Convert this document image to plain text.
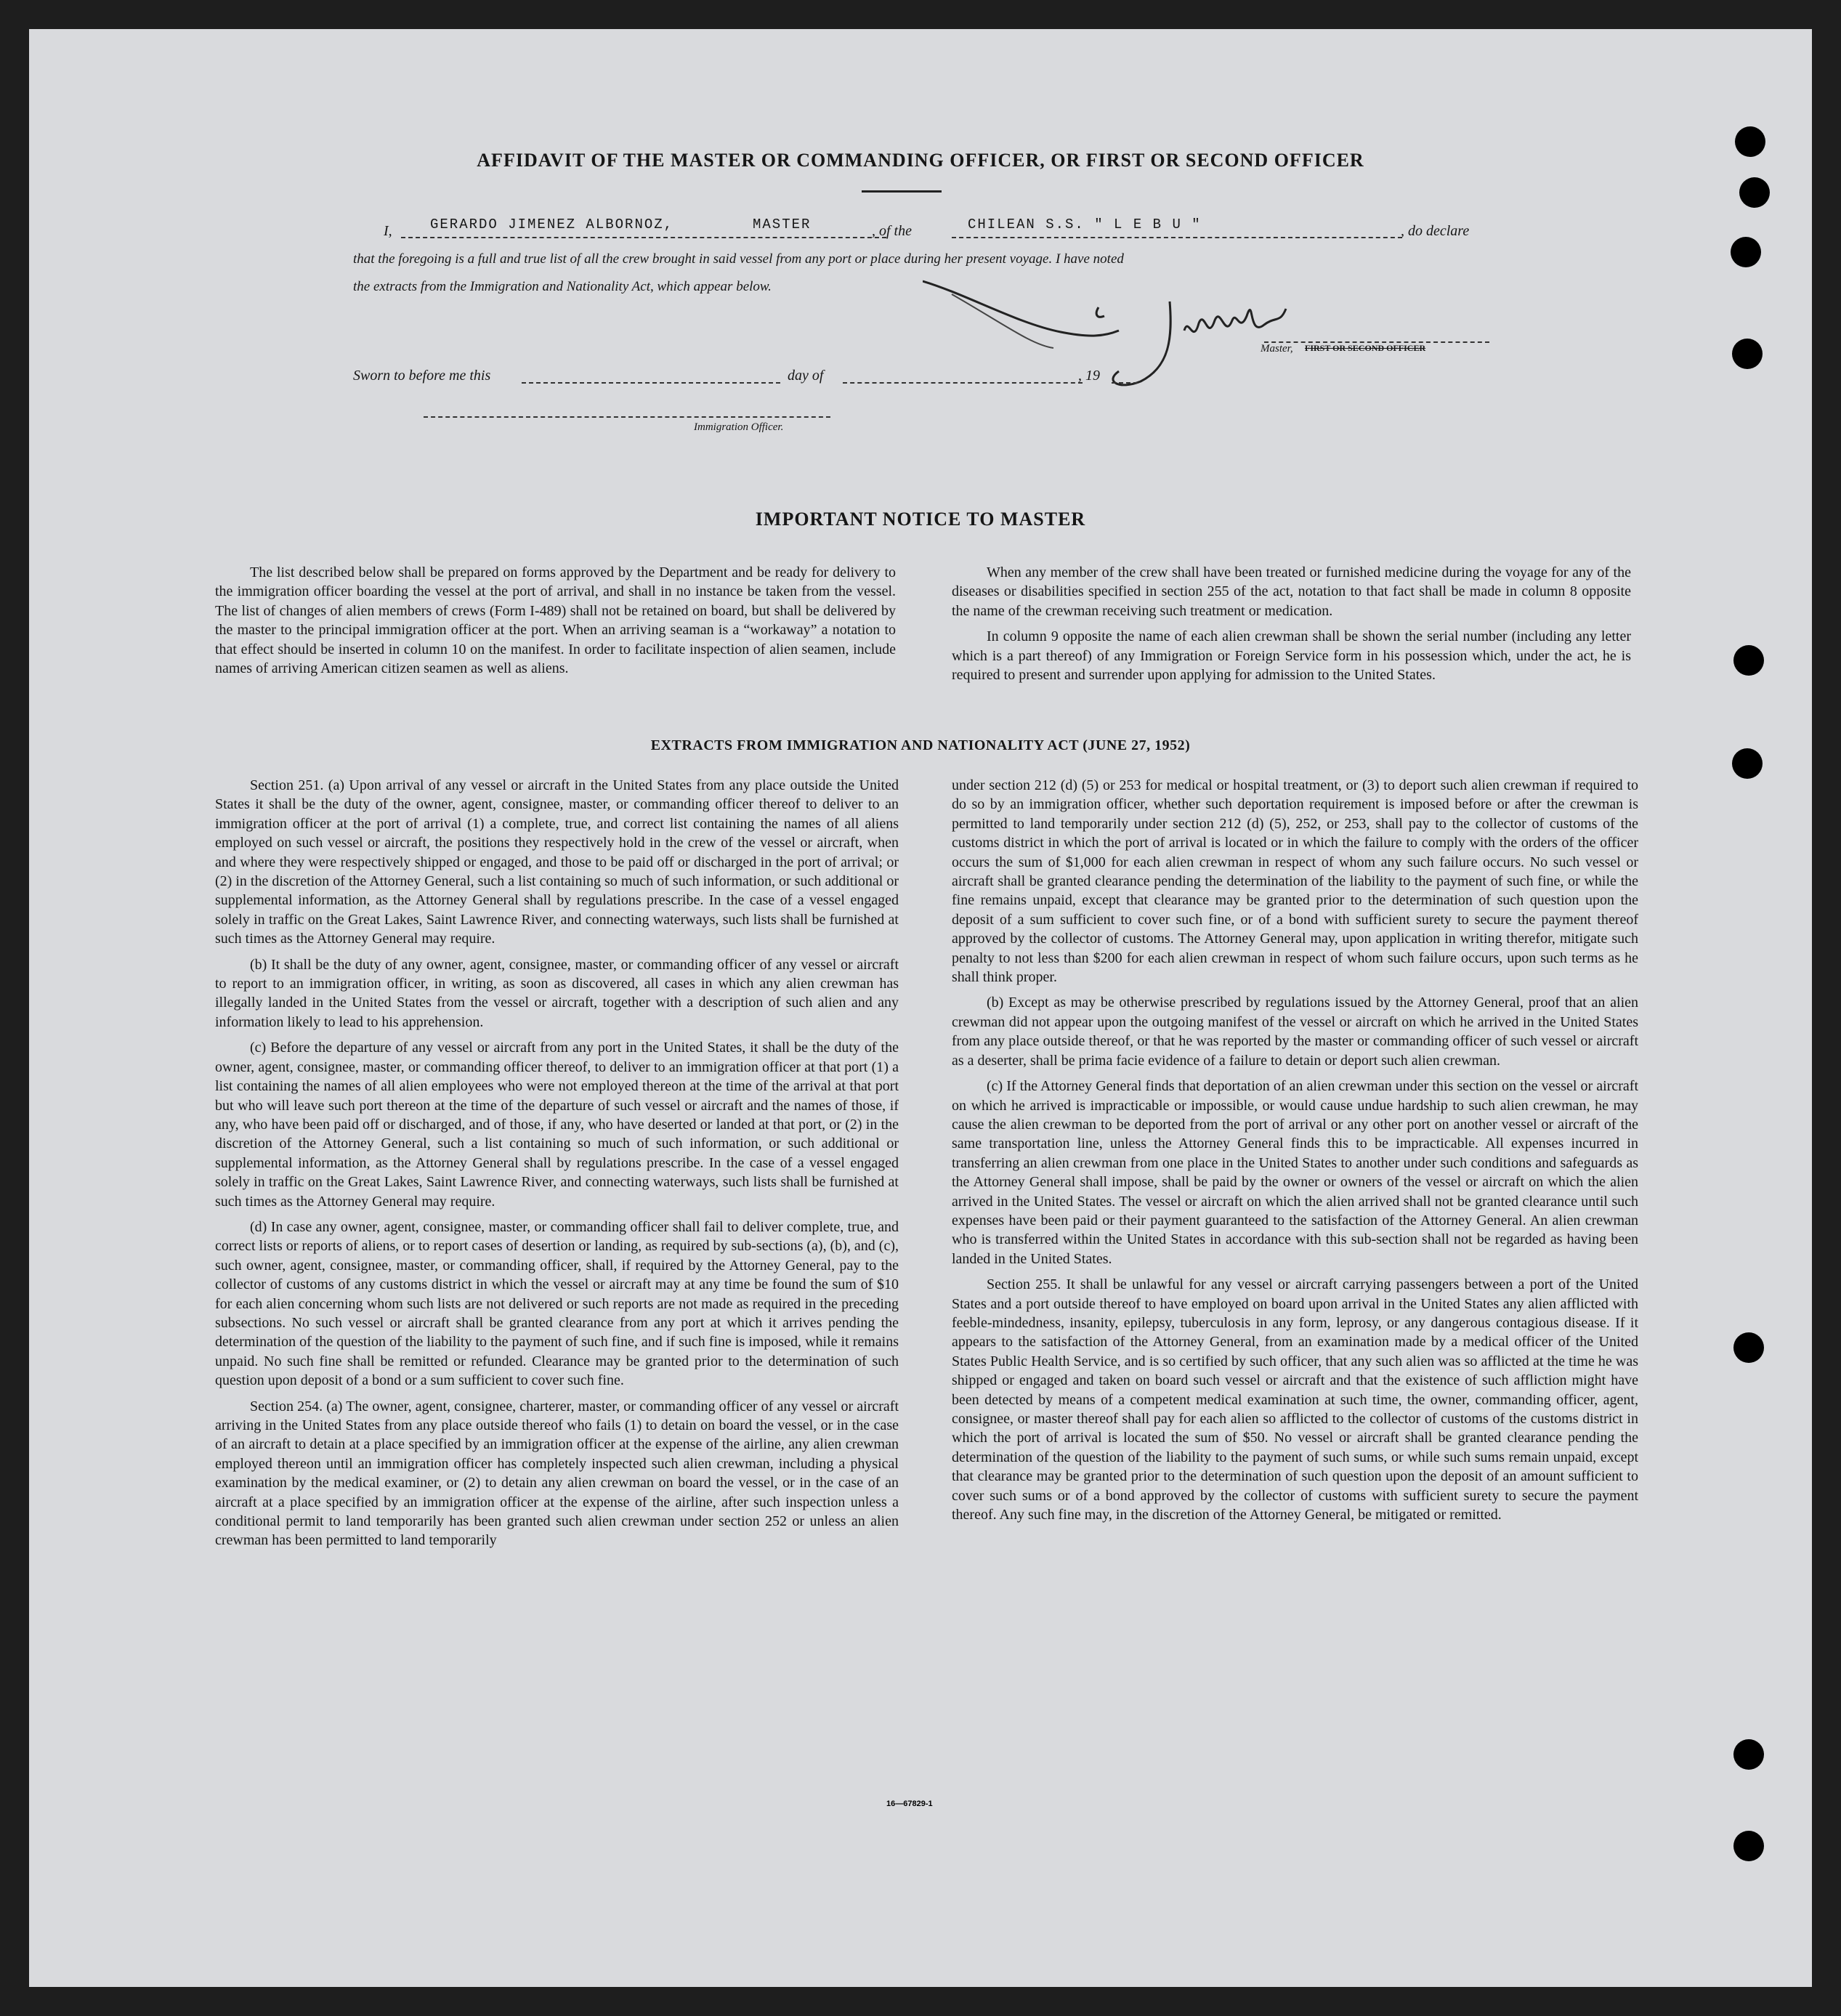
AFFIDAVIT OF THE MASTER OR COMMANDING OFFICER, OR FIRST OR SECOND OFFICER
I,	GERARDO JIMENEZ ALBORNOZ,	MASTER	, of the	CHILEAN S.S. " L E B U "	, do declare
that the foregoing is a full and true list of all the crew brought in said vessel from any port or place during her present voyage. I have noted
the extracts from the Immigration and Nationality Act, which appear below.
Master, FIRST OR SECOND OFFICER
Sworn to before me this	day of	, 19
Immigration Officer.
IMPORTANT NOTICE TO MASTER

The list described below shall be prepared on forms approved by the Department and be ready for delivery to the immigration officer boarding the vessel at the port of arrival, and shall in no instance be taken from the vessel. The list of changes of alien members of crews (Form I-489) shall not be retained on board, but shall be delivered by the master to the principal immigration officer at the port. When an arriving seaman is a “workaway” a notation to that effect should be inserted in column 10 on the manifest. In order to facilitate inspection of alien seamen, include names of arriving American citizen seamen as well as aliens.

When any member of the crew shall have been treated or furnished medicine during the voyage for any of the diseases or disabilities specified in section 255 of the act, notation to that fact shall be made in column 8 opposite the name of the crewman receiving such treatment or medication.

In column 9 opposite the name of each alien crewman shall be shown the serial number (including any letter which is a part thereof) of any Immigration or Foreign Service form in his possession which, under the act, he is required to present and surrender upon applying for admission to the United States.

EXTRACTS FROM IMMIGRATION AND NATIONALITY ACT (JUNE 27, 1952)

Section 251. (a) Upon arrival of any vessel or aircraft in the United States from any place outside the United States it shall be the duty of the owner, agent, consignee, master, or commanding officer thereof to deliver to an immigration officer at the port of arrival (1) a complete, true, and correct list containing the names of all aliens employed on such vessel or aircraft, the positions they respectively hold in the crew of the vessel or aircraft, when and where they were respectively shipped or engaged, and those to be paid off or discharged in the port of arrival; or (2) in the discretion of the Attorney General, such a list containing so much of such information, or such additional or supplemental information, as the Attorney General shall by regulations prescribe. In the case of a vessel engaged solely in traffic on the Great Lakes, Saint Lawrence River, and connecting waterways, such lists shall be furnished at such times as the Attorney General may require.

(b) It shall be the duty of any owner, agent, consignee, master, or commanding officer of any vessel or aircraft to report to an immigration officer, in writing, as soon as discovered, all cases in which any alien crewman has illegally landed in the United States from the vessel or aircraft, together with a description of such alien and any information likely to lead to his apprehension.

(c) Before the departure of any vessel or aircraft from any port in the United States, it shall be the duty of the owner, agent, consignee, master, or commanding officer thereof, to deliver to an immigration officer at that port (1) a list containing the names of all alien employees who were not employed thereon at the time of the arrival at that port but who will leave such port thereon at the time of the departure of such vessel or aircraft and the names of those, if any, who have been paid off or discharged, and of those, if any, who have deserted or landed at that port, or (2) in the discretion of the Attorney General, such a list containing so much of such information, or such additional or supplemental information, as the Attorney General shall by regulations prescribe. In the case of a vessel engaged solely in traffic on the Great Lakes, Saint Lawrence River, and connecting waterways, such lists shall be furnished at such times as the Attorney General may require.

(d) In case any owner, agent, consignee, master, or commanding officer shall fail to deliver complete, true, and correct lists or reports of aliens, or to report cases of desertion or landing, as required by sub-sections (a), (b), and (c), such owner, agent, consignee, master, or commanding officer, shall, if required by the Attorney General, pay to the collector of customs of any customs district in which the vessel or aircraft may at any time be found the sum of $10 for each alien concerning whom such lists are not delivered or such reports are not made as required in the preceding subsections. No such vessel or aircraft shall be granted clearance from any port at which it arrives pending the determination of the question of the liability to the payment of such fine, and if such fine is imposed, while it remains unpaid. No such fine shall be remitted or refunded. Clearance may be granted prior to the determination of such question upon deposit of a bond or a sum sufficient to cover such fine.

Section 254. (a) The owner, agent, consignee, charterer, master, or commanding officer of any vessel or aircraft arriving in the United States from any place outside thereof who fails (1) to detain on board the vessel, or in the case of an aircraft to detain at a place specified by an immigration officer at the expense of the airline, any alien crewman employed thereon until an immigration officer has completely inspected such alien crewman, including a physical examination by the medical examiner, or (2) to detain any alien crewman on board the vessel, or in the case of an aircraft at a place specified by an immigration officer at the expense of the airline, after such inspection unless a conditional permit to land temporarily has been granted such alien crewman under section 252 or unless an alien crewman has been permitted to land temporarily

under section 212 (d) (5) or 253 for medical or hospital treatment, or (3) to deport such alien crewman if required to do so by an immigration officer, whether such deportation requirement is imposed before or after the crewman is permitted to land temporarily under section 212 (d) (5), 252, or 253, shall pay to the collector of customs of the customs district in which the port of arrival is located or in which the failure to comply with the orders of the officer occurs the sum of $1,000 for each alien crewman in respect of whom any such failure occurs. No such vessel or aircraft shall be granted clearance pending the determination of the liability to the payment of such fine, or while the fine remains unpaid, except that clearance may be granted prior to the determination of such question upon the deposit of a sum sufficient to cover such fine, or of a bond with sufficient surety to secure the payment thereof approved by the collector of customs. The Attorney General may, upon application in writing therefor, mitigate such penalty to not less than $200 for each alien crewman in respect of whom such failure occurs, upon such terms as he shall think proper.

(b) Except as may be otherwise prescribed by regulations issued by the Attorney General, proof that an alien crewman did not appear upon the outgoing manifest of the vessel or aircraft on which he arrived in the United States from any place outside thereof, or that he was reported by the master or commanding officer of such vessel or aircraft as a deserter, shall be prima facie evidence of a failure to detain or deport such alien crewman.

(c) If the Attorney General finds that deportation of an alien crewman under this section on the vessel or aircraft on which he arrived is impracticable or impossible, or would cause undue hardship to such alien crewman, he may cause the alien crewman to be deported from the port of arrival or any other port on another vessel or aircraft of the same transportation line, unless the Attorney General finds this to be impracticable. All expenses incurred in transferring an alien crewman from one place in the United States to another under such conditions and safeguards as the Attorney General shall impose, shall be paid by the owner or owners of the vessel or aircraft on which the alien arrived in the United States. The vessel or aircraft on which the alien arrived shall not be granted clearance until such expenses have been paid or their payment guaranteed to the satisfaction of the Attorney General. An alien crewman who is transferred within the United States in accordance with this sub-section shall not be regarded as having been landed in the United States.

Section 255. It shall be unlawful for any vessel or aircraft carrying passengers between a port of the United States and a port outside thereof to have employed on board upon arrival in the United States any alien afflicted with feeble-mindedness, insanity, epilepsy, tuberculosis in any form, leprosy, or any dangerous contagious disease. If it appears to the satisfaction of the Attorney General, from an examination made by a medical officer of the United States Public Health Service, and is so certified by such officer, that any such alien was so afflicted at the time he was shipped or engaged and taken on board such vessel or aircraft and that the existence of such affliction might have been detected by means of a competent medical examination at such time, the owner, commanding officer, agent, consignee, or master thereof shall pay for each alien so afflicted to the collector of customs of the customs district in which the port of arrival is located the sum of $50. No vessel or aircraft shall be granted clearance pending the determination of the question of the liability to the payment of such sums, or while such sums remain unpaid, except that clearance may be granted prior to the determination of such question upon the deposit of an amount sufficient to cover such sums or of a bond approved by the collector of customs with sufficient surety to secure the payment thereof. Any such fine may, in the discretion of the Attorney General, be mitigated or remitted.

16—67829-1
